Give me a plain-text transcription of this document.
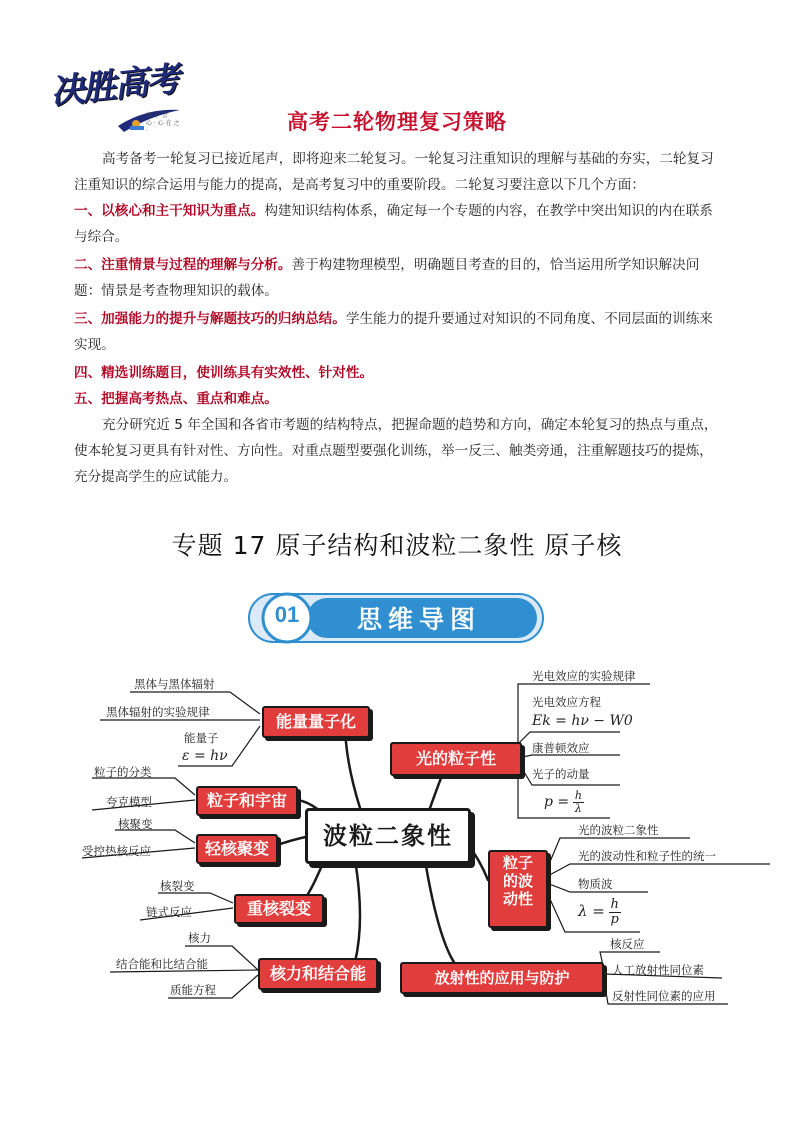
决胜高考
鱼 于 会
心 · 心 在 之 ·	高考二轮物理复习策略
高考备考一轮复习已接近尾声，即将迎来二轮复习。一轮复习注重知识的理解与基础的夯实，二轮复习注重知识的综合运用与能力的提高，是高考复习中的重要阶段。二轮复习要注意以下几个方面：
一、以核心和主干知识为重点。构建知识结构体系，确定每一个专题的内容，在教学中突出知识的内在联系与综合。
二、注重情景与过程的理解与分析。善于构建物理模型，明确题目考查的目的，恰当运用所学知识解决问题：情景是考查物理知识的载体。
三、加强能力的提升与解题技巧的归纳总结。学生能力的提升要通过对知识的不同角度、不同层面的训练来实现。
四、精选训练题目，使训练具有实效性、针对性。
五、把握高考热点、重点和难点。
充分研究近 5 年全国和各省市考题的结构特点，把握命题的趋势和方向，确定本轮复习的热点与重点，使本轮复习更具有针对性、方向性。对重点题型要强化训练，举一反三、触类旁通，注重解题技巧的提炼，充分提高学生的应试能力。
专题 17 原子结构和波粒二象性 原子核
01	思维导图
波粒二象性
能量量子化
粒子和宇宙
轻核聚变
重核裂变
核力和结合能
光的粒子性
粒子的波动性
放射性的应用与防护
黑体与黑体辐射
黑体辐射的实验规律
能量子
ε = hν
粒子的分类
夸克模型
核聚变
受控热核反应
核裂变
链式反应
核力
结合能和比结合能
质能方程
光电效应的实验规律
光电效应方程
Ek = hν − W0
康普顿效应
光子的动量
$p = \frac{h}{\lambda}$
光的波粒二象性
光的波动性和粒子性的统一
物质波
$\lambda = \frac{h}{p}$
核反应
人工放射性同位素
反射性同位素的应用
